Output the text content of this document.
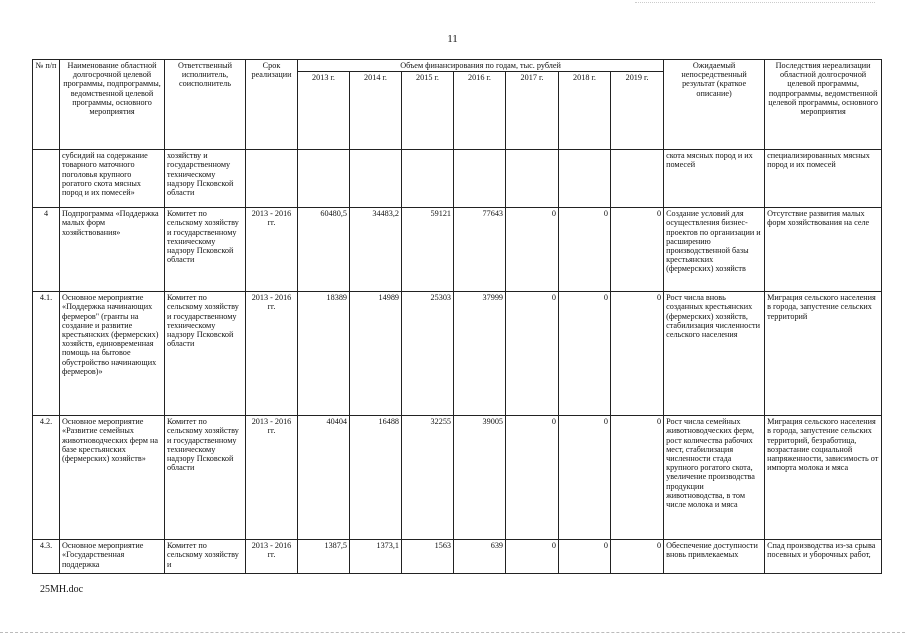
11
№ п/п	Наименование областной долгосрочной целевой программы, подпрограммы, ведомственной целевой программы, основного мероприятия	Ответственный исполнитель, соисполнитель	Срок реализации	Объем финансирования по годам, тыс. рублей							Ожидаемый непосредственный результат (краткое описание)	Последствия нереализации областной долгосрочной целевой программы, подпрограммы, ведомственной целевой программы, основного мероприятия
				2013 г.	2014 г.	2015 г.	2016 г.	2017 г.	2018 г.	2019 г.		
	субсидий на содержание товарного маточного поголовья крупного рогатого скота мясных пород и их помесей»	хозяйству и государственному техническому надзору Псковской области									скота мясных пород и их помесей	специализированных мясных пород и их помесей
4	Подпрограмма «Поддержка малых форм хозяйствования»	Комитет по сельскому хозяйству и государственному техническому надзору Псковской области	2013 - 2016 гг.	60480,5	34483,2	59121	77643	0	0	0	Создание условий для осуществления бизнес-проектов по организации и расширению производственной базы крестьянских (фермерских) хозяйств	Отсутствие развития малых форм хозяйствования на селе
4.1.	Основное мероприятие «Поддержка начинающих фермеров" (гранты на создание и развитие крестьянских (фермерских) хозяйств, единовременная помощь на бытовое обустройство начинающих фермеров)»	Комитет по сельскому хозяйству и государственному техническому надзору Псковской области	2013 - 2016 гг.	18389	14989	25303	37999	0	0	0	Рост числа вновь созданных крестьянских (фермерских) хозяйств, стабилизация численности сельского населения	Миграция сельского населения в города, запустение сельских территорий
4.2.	Основное мероприятие «Развитие семейных животноводческих ферм на базе крестьянских (фермерских) хозяйств»	Комитет по сельскому хозяйству и государственному техническому надзору Псковской области	2013 - 2016 гг.	40404	16488	32255	39005	0	0	0	Рост числа семейных животноводческих ферм, рост количества рабочих мест, стабилизация численности стада крупного рогатого скота, увеличение производства продукции животноводства, в том числе молока и мяса	Миграция сельского населения в города, запустение сельских территорий, безработица, возрастание социальной напряженности, зависимость от импорта молока и мяса
4.3.	Основное мероприятие «Государственная поддержка	Комитет по сельскому хозяйству и	2013 - 2016 гг.	1387,5	1373,1	1563	639	0	0	0	Обеспечение доступности вновь привлекаемых	Спад производства из-за срыва посевных и уборочных работ,
25МН.doc
